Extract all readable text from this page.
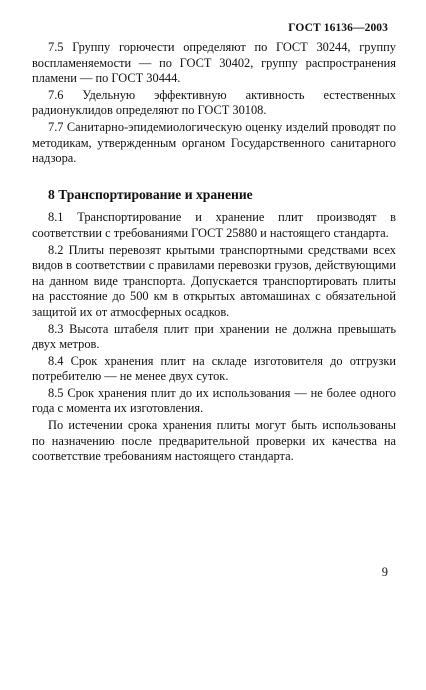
ГОСТ 16136—2003

7.5 Группу горючести определяют по ГОСТ 30244, группу воспламеняемости — по ГОСТ 30402, группу распространения пламени — по ГОСТ 30444.

7.6 Удельную эффективную активность естественных радионуклидов определяют по ГОСТ 30108.

7.7 Санитарно-эпидемиологическую оценку изделий проводят по методикам, утвержденным органом Государственного санитарного надзора.

8 Транспортирование и хранение

8.1 Транспортирование и хранение плит производят в соответствии с требованиями ГОСТ 25880 и настоящего стандарта.

8.2 Плиты перевозят крытыми транспортными средствами всех видов в соответствии с правилами перевозки грузов, действующими на данном виде транспорта. Допускается транспортировать плиты на расстояние до 500 км в открытых автомашинах с обязательной защитой их от атмосферных осадков.

8.3 Высота штабеля плит при хранении не должна превышать двух метров.

8.4 Срок хранения плит на складе изготовителя до отгрузки потребителю — не менее двух суток.

8.5 Срок хранения плит до их использования — не более одного года с момента их изготовления.

По истечении срока хранения плиты могут быть использованы по назначению после предварительной проверки их качества на соответствие требованиям настоящего стандарта.

9
